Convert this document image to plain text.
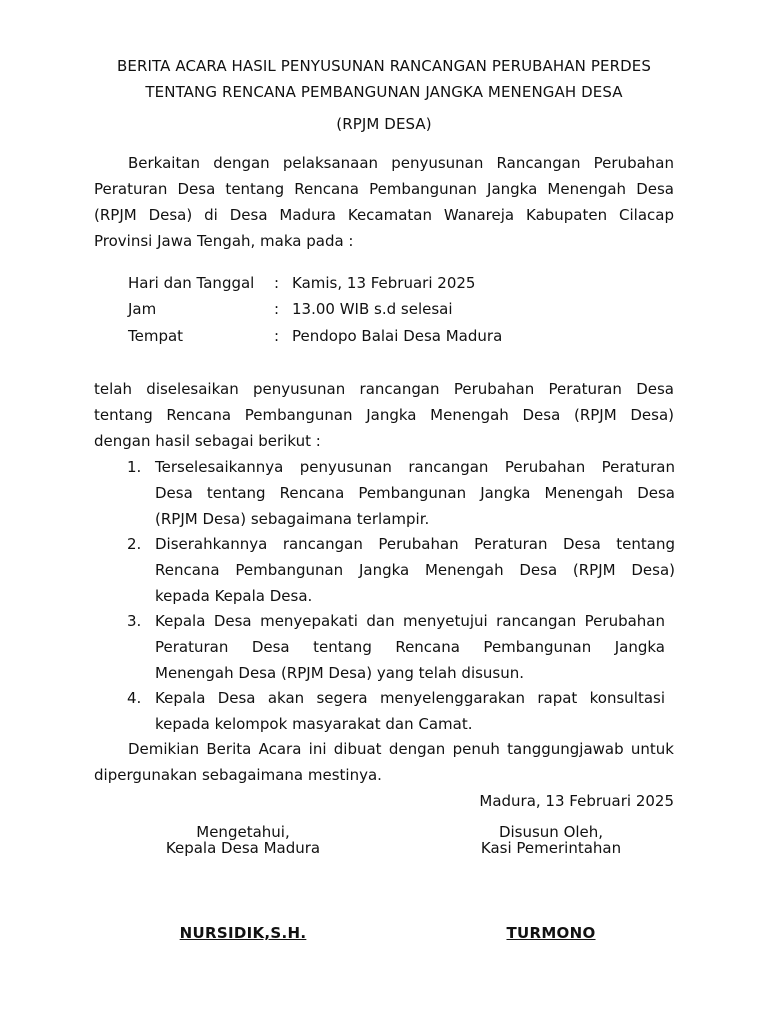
BERITA ACARA HASIL PENYUSUNAN RANCANGAN PERUBAHAN PERDES
TENTANG RENCANA PEMBANGUNAN JANGKA MENENGAH DESA
(RPJM DESA)
Berkaitan dengan pelaksanaan penyusunan Rancangan Perubahan
Peraturan Desa tentang Rencana Pembangunan Jangka Menengah Desa
(RPJM Desa) di Desa Madura Kecamatan Wanareja Kabupaten Cilacap
Provinsi Jawa Tengah, maka pada :
Hari dan Tanggal	: Kamis, 13 Februari 2025
Jam	: 13.00 WIB s.d selesai
Tempat	: Pendopo Balai Desa Madura
telah diselesaikan penyusunan rancangan Perubahan Peraturan Desa
tentang Rencana Pembangunan Jangka Menengah Desa (RPJM Desa)
dengan hasil sebagai berikut :
1. Terselesaikannya penyusunan rancangan Perubahan Peraturan
Desa tentang Rencana Pembangunan Jangka Menengah Desa
(RPJM Desa) sebagaimana terlampir.
2. Diserahkannya rancangan Perubahan Peraturan Desa tentang
Rencana Pembangunan Jangka Menengah Desa (RPJM Desa)
kepada Kepala Desa.
3. Kepala Desa menyepakati dan menyetujui rancangan Perubahan
Peraturan Desa tentang Rencana Pembangunan Jangka
Menengah Desa (RPJM Desa) yang telah disusun.
4. Kepala Desa akan segera menyelenggarakan rapat konsultasi
kepada kelompok masyarakat dan Camat.
Demikian Berita Acara ini dibuat dengan penuh tanggungjawab untuk
dipergunakan sebagaimana mestinya.
Madura, 13 Februari 2025
Mengetahui,
Kepala Desa Madura
NURSIDIK,S.H.
Disusun Oleh,
Kasi Pemerintahan
TURMONO
